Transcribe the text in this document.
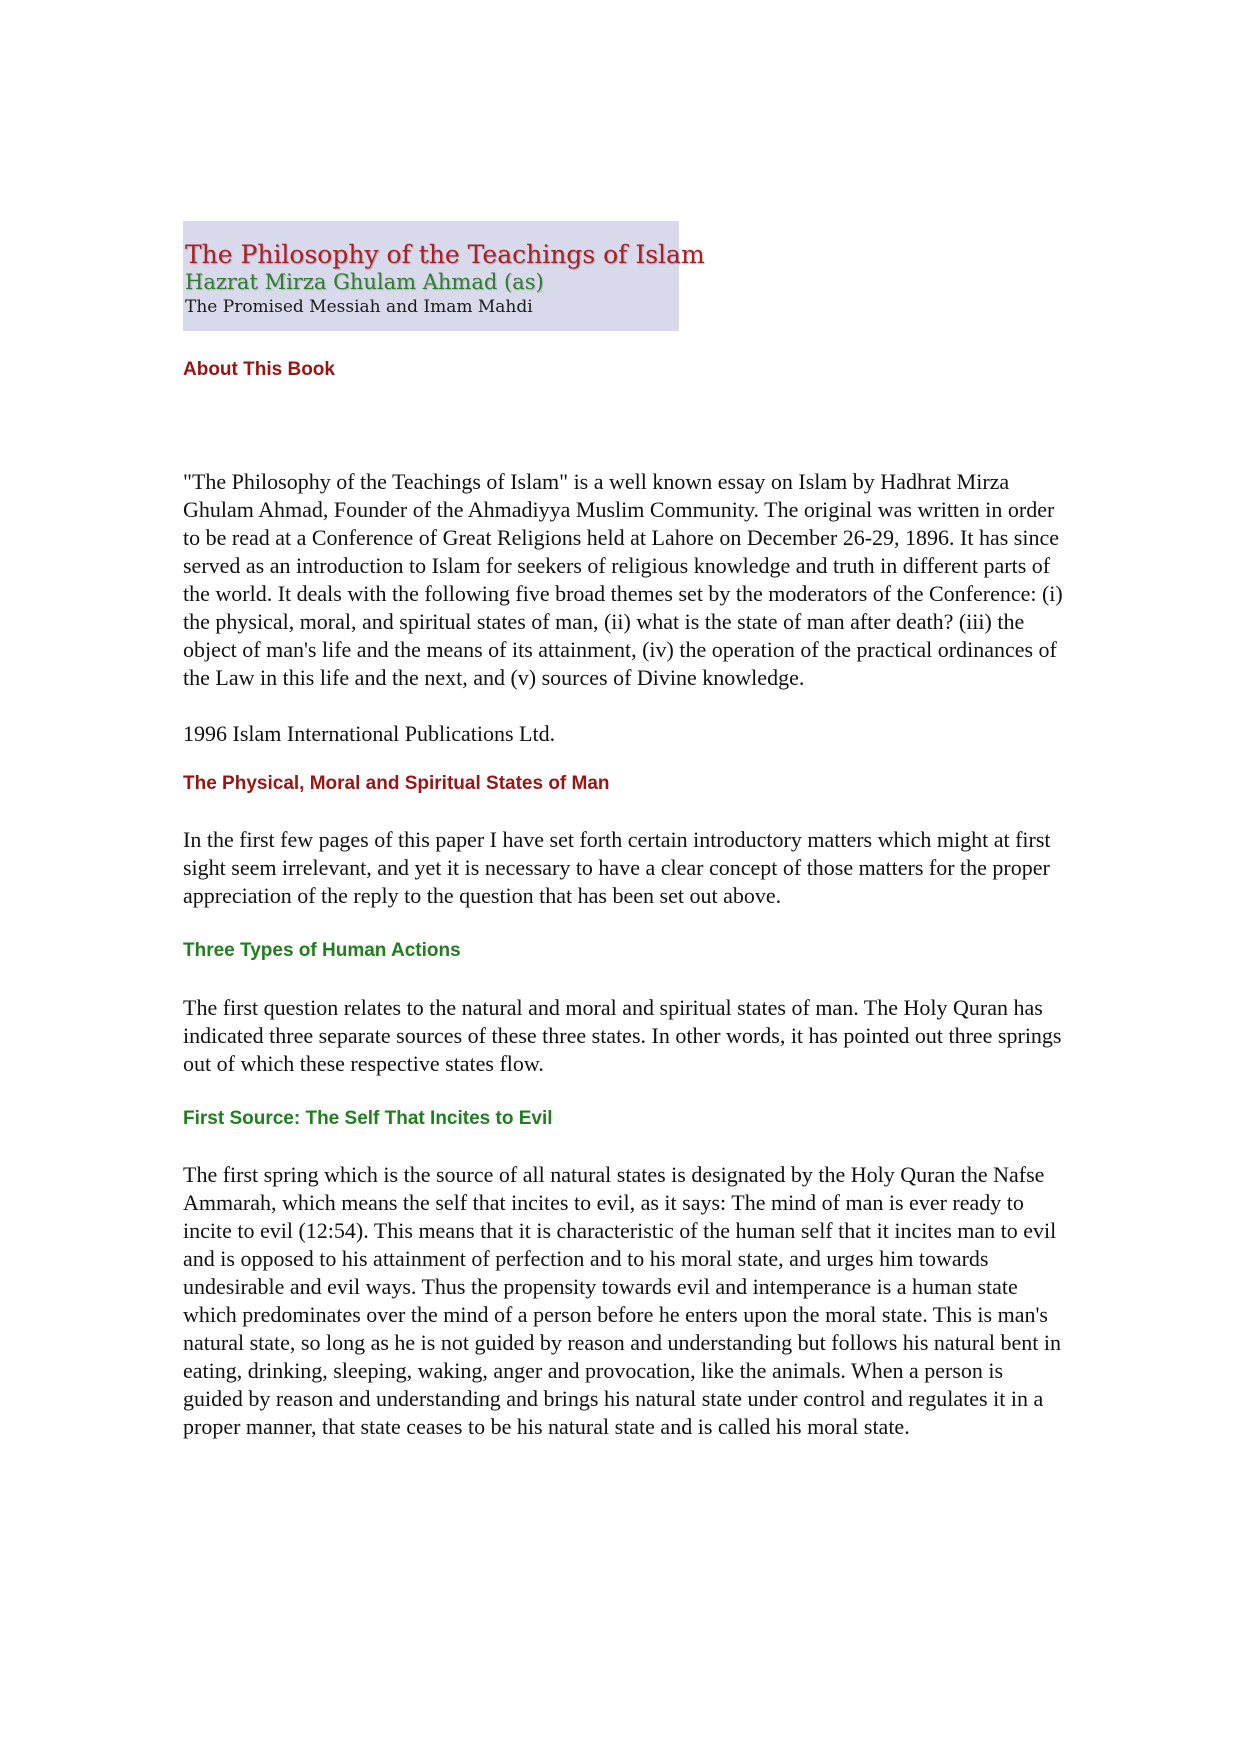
The Philosophy of the Teachings of Islam
Hazrat Mirza Ghulam Ahmad (as)
The Promised Messiah and Imam Mahdi
About This Book

"The Philosophy of the Teachings of Islam" is a well known essay on Islam by Hadhrat Mirza Ghulam Ahmad, Founder of the Ahmadiyya Muslim Community. The original was written in order to be read at a Conference of Great Religions held at Lahore on December 26-29, 1896. It has since served as an introduction to Islam for seekers of religious knowledge and truth in different parts of the world. It deals with the following five broad themes set by the moderators of the Conference: (i) the physical, moral, and spiritual states of man, (ii) what is the state of man after death? (iii) the object of man's life and the means of its attainment, (iv) the operation of the practical ordinances of the Law in this life and the next, and (v) sources of Divine knowledge.

1996 Islam International Publications Ltd.

The Physical, Moral and Spiritual States of Man

In the first few pages of this paper I have set forth certain introductory matters which might at first sight seem irrelevant, and yet it is necessary to have a clear concept of those matters for the proper appreciation of the reply to the question that has been set out above.

Three Types of Human Actions

The first question relates to the natural and moral and spiritual states of man. The Holy Quran has indicated three separate sources of these three states. In other words, it has pointed out three springs out of which these respective states flow.

First Source: The Self That Incites to Evil

The first spring which is the source of all natural states is designated by the Holy Quran the Nafse Ammarah, which means the self that incites to evil, as it says: The mind of man is ever ready to incite to evil (12:54). This means that it is characteristic of the human self that it incites man to evil and is opposed to his attainment of perfection and to his moral state, and urges him towards undesirable and evil ways. Thus the propensity towards evil and intemperance is a human state which predominates over the mind of a person before he enters upon the moral state. This is man's natural state, so long as he is not guided by reason and understanding but follows his natural bent in eating, drinking, sleeping, waking, anger and provocation, like the animals. When a person is guided by reason and understanding and brings his natural state under control and regulates it in a proper manner, that state ceases to be his natural state and is called his moral state.
